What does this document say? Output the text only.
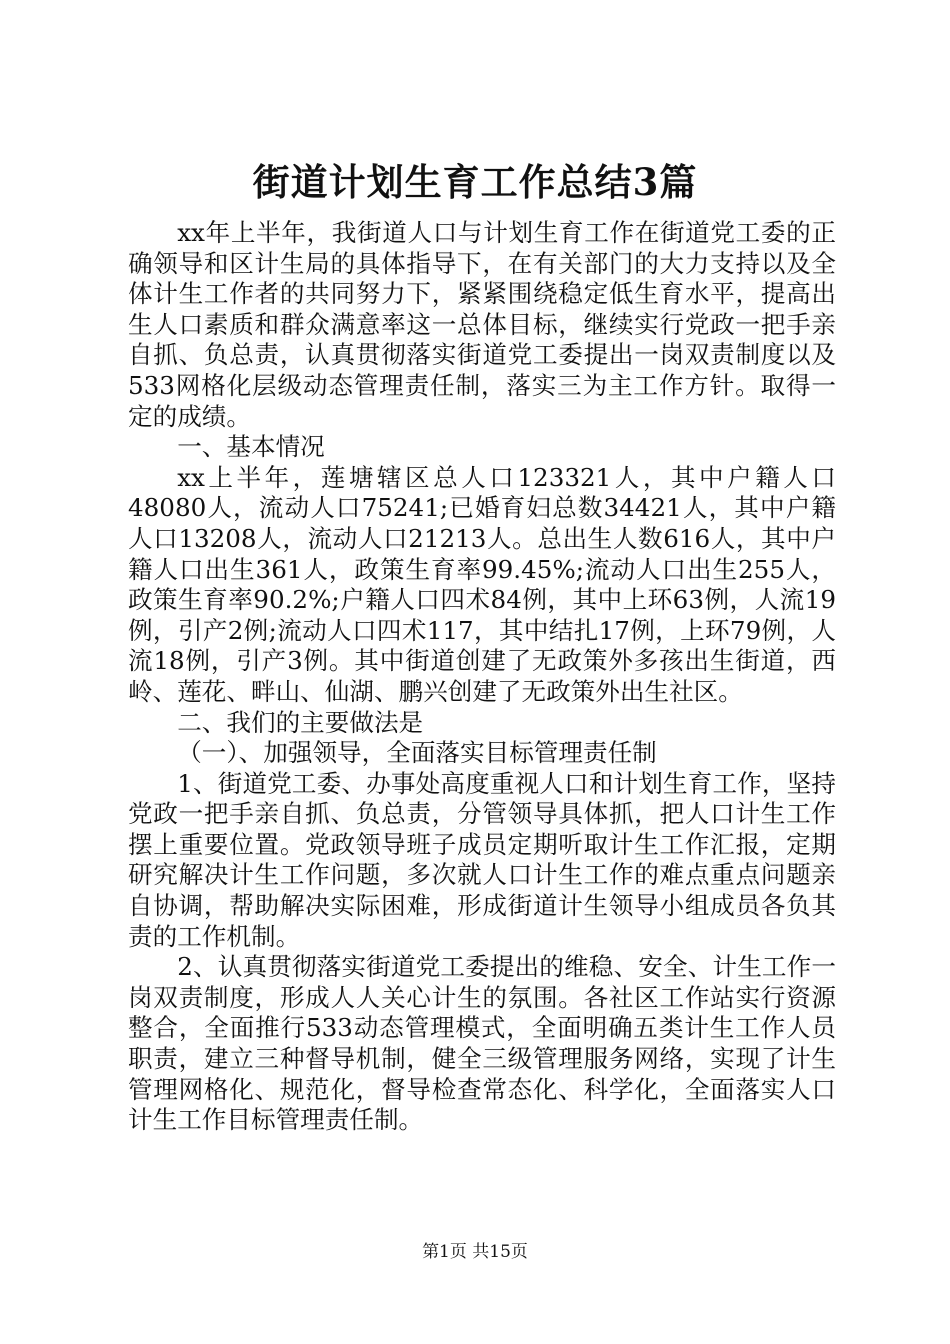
街道计划生育工作总结3篇

xx年上半年，我街道人口与计划生育工作在街道党工委的正确领导和区计生局的具体指导下，在有关部门的大力支持以及全体计生工作者的共同努力下，紧紧围绕稳定低生育水平，提高出生人口素质和群众满意率这一总体目标，继续实行党政一把手亲自抓、负总责，认真贯彻落实街道党工委提出一岗双责制度以及533网格化层级动态管理责任制，落实三为主工作方针。取得一定的成绩。

一、基本情况

xx上半年，莲塘辖区总人口123321人，其中户籍人口48080人，流动人口75241;已婚育妇总数34421人，其中户籍人口13208人，流动人口21213人。总出生人数616人，其中户籍人口出生361人，政策生育率99.45%;流动人口出生255人，政策生育率90.2%;户籍人口四术84例，其中上环63例，人流19例，引产2例;流动人口四术117，其中结扎17例，上环79例，人流18例，引产3例。其中街道创建了无政策外多孩出生街道，西岭、莲花、畔山、仙湖、鹏兴创建了无政策外出生社区。

二、我们的主要做法是

（一）、加强领导，全面落实目标管理责任制

1、街道党工委、办事处高度重视人口和计划生育工作，坚持党政一把手亲自抓、负总责，分管领导具体抓，把人口计生工作摆上重要位置。党政领导班子成员定期听取计生工作汇报，定期研究解决计生工作问题，多次就人口计生工作的难点重点问题亲自协调，帮助解决实际困难，形成街道计生领导小组成员各负其责的工作机制。

2、认真贯彻落实街道党工委提出的维稳、安全、计生工作一岗双责制度，形成人人关心计生的氛围。各社区工作站实行资源整合，全面推行533动态管理模式，全面明确五类计生工作人员职责，建立三种督导机制，健全三级管理服务网络，实现了计生管理网格化、规范化，督导检查常态化、科学化，全面落实人口计生工作目标管理责任制。

第1页 共15页
